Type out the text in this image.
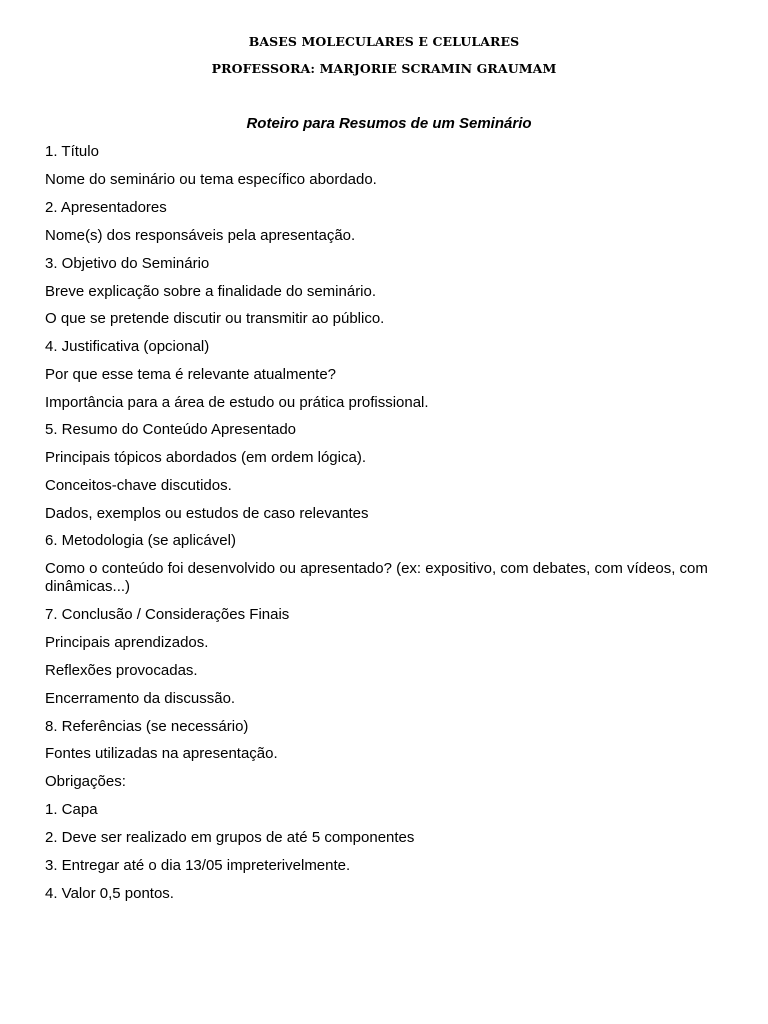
BASES MOLECULARES E CELULARES
PROFESSORA: MARJORIE SCRAMIN GRAUMAM
Roteiro para Resumos de um Seminário
1. Título
Nome do seminário ou tema específico abordado.
2. Apresentadores
Nome(s) dos responsáveis pela apresentação.
3. Objetivo do Seminário
Breve explicação sobre a finalidade do seminário.
O que se pretende discutir ou transmitir ao público.
4. Justificativa (opcional)
Por que esse tema é relevante atualmente?
Importância para a área de estudo ou prática profissional.
5. Resumo do Conteúdo Apresentado
Principais tópicos abordados (em ordem lógica).
Conceitos-chave discutidos.
Dados, exemplos ou estudos de caso relevantes
6. Metodologia (se aplicável)
Como o conteúdo foi desenvolvido ou apresentado? (ex: expositivo, com debates, com vídeos, com dinâmicas...)
7. Conclusão / Considerações Finais
Principais aprendizados.
Reflexões provocadas.
Encerramento da discussão.
8. Referências (se necessário)
Fontes utilizadas na apresentação.
Obrigações:
1. Capa
2. Deve ser realizado em grupos de até 5 componentes
3. Entregar até o dia 13/05 impreterivelmente.
4. Valor 0,5 pontos.
